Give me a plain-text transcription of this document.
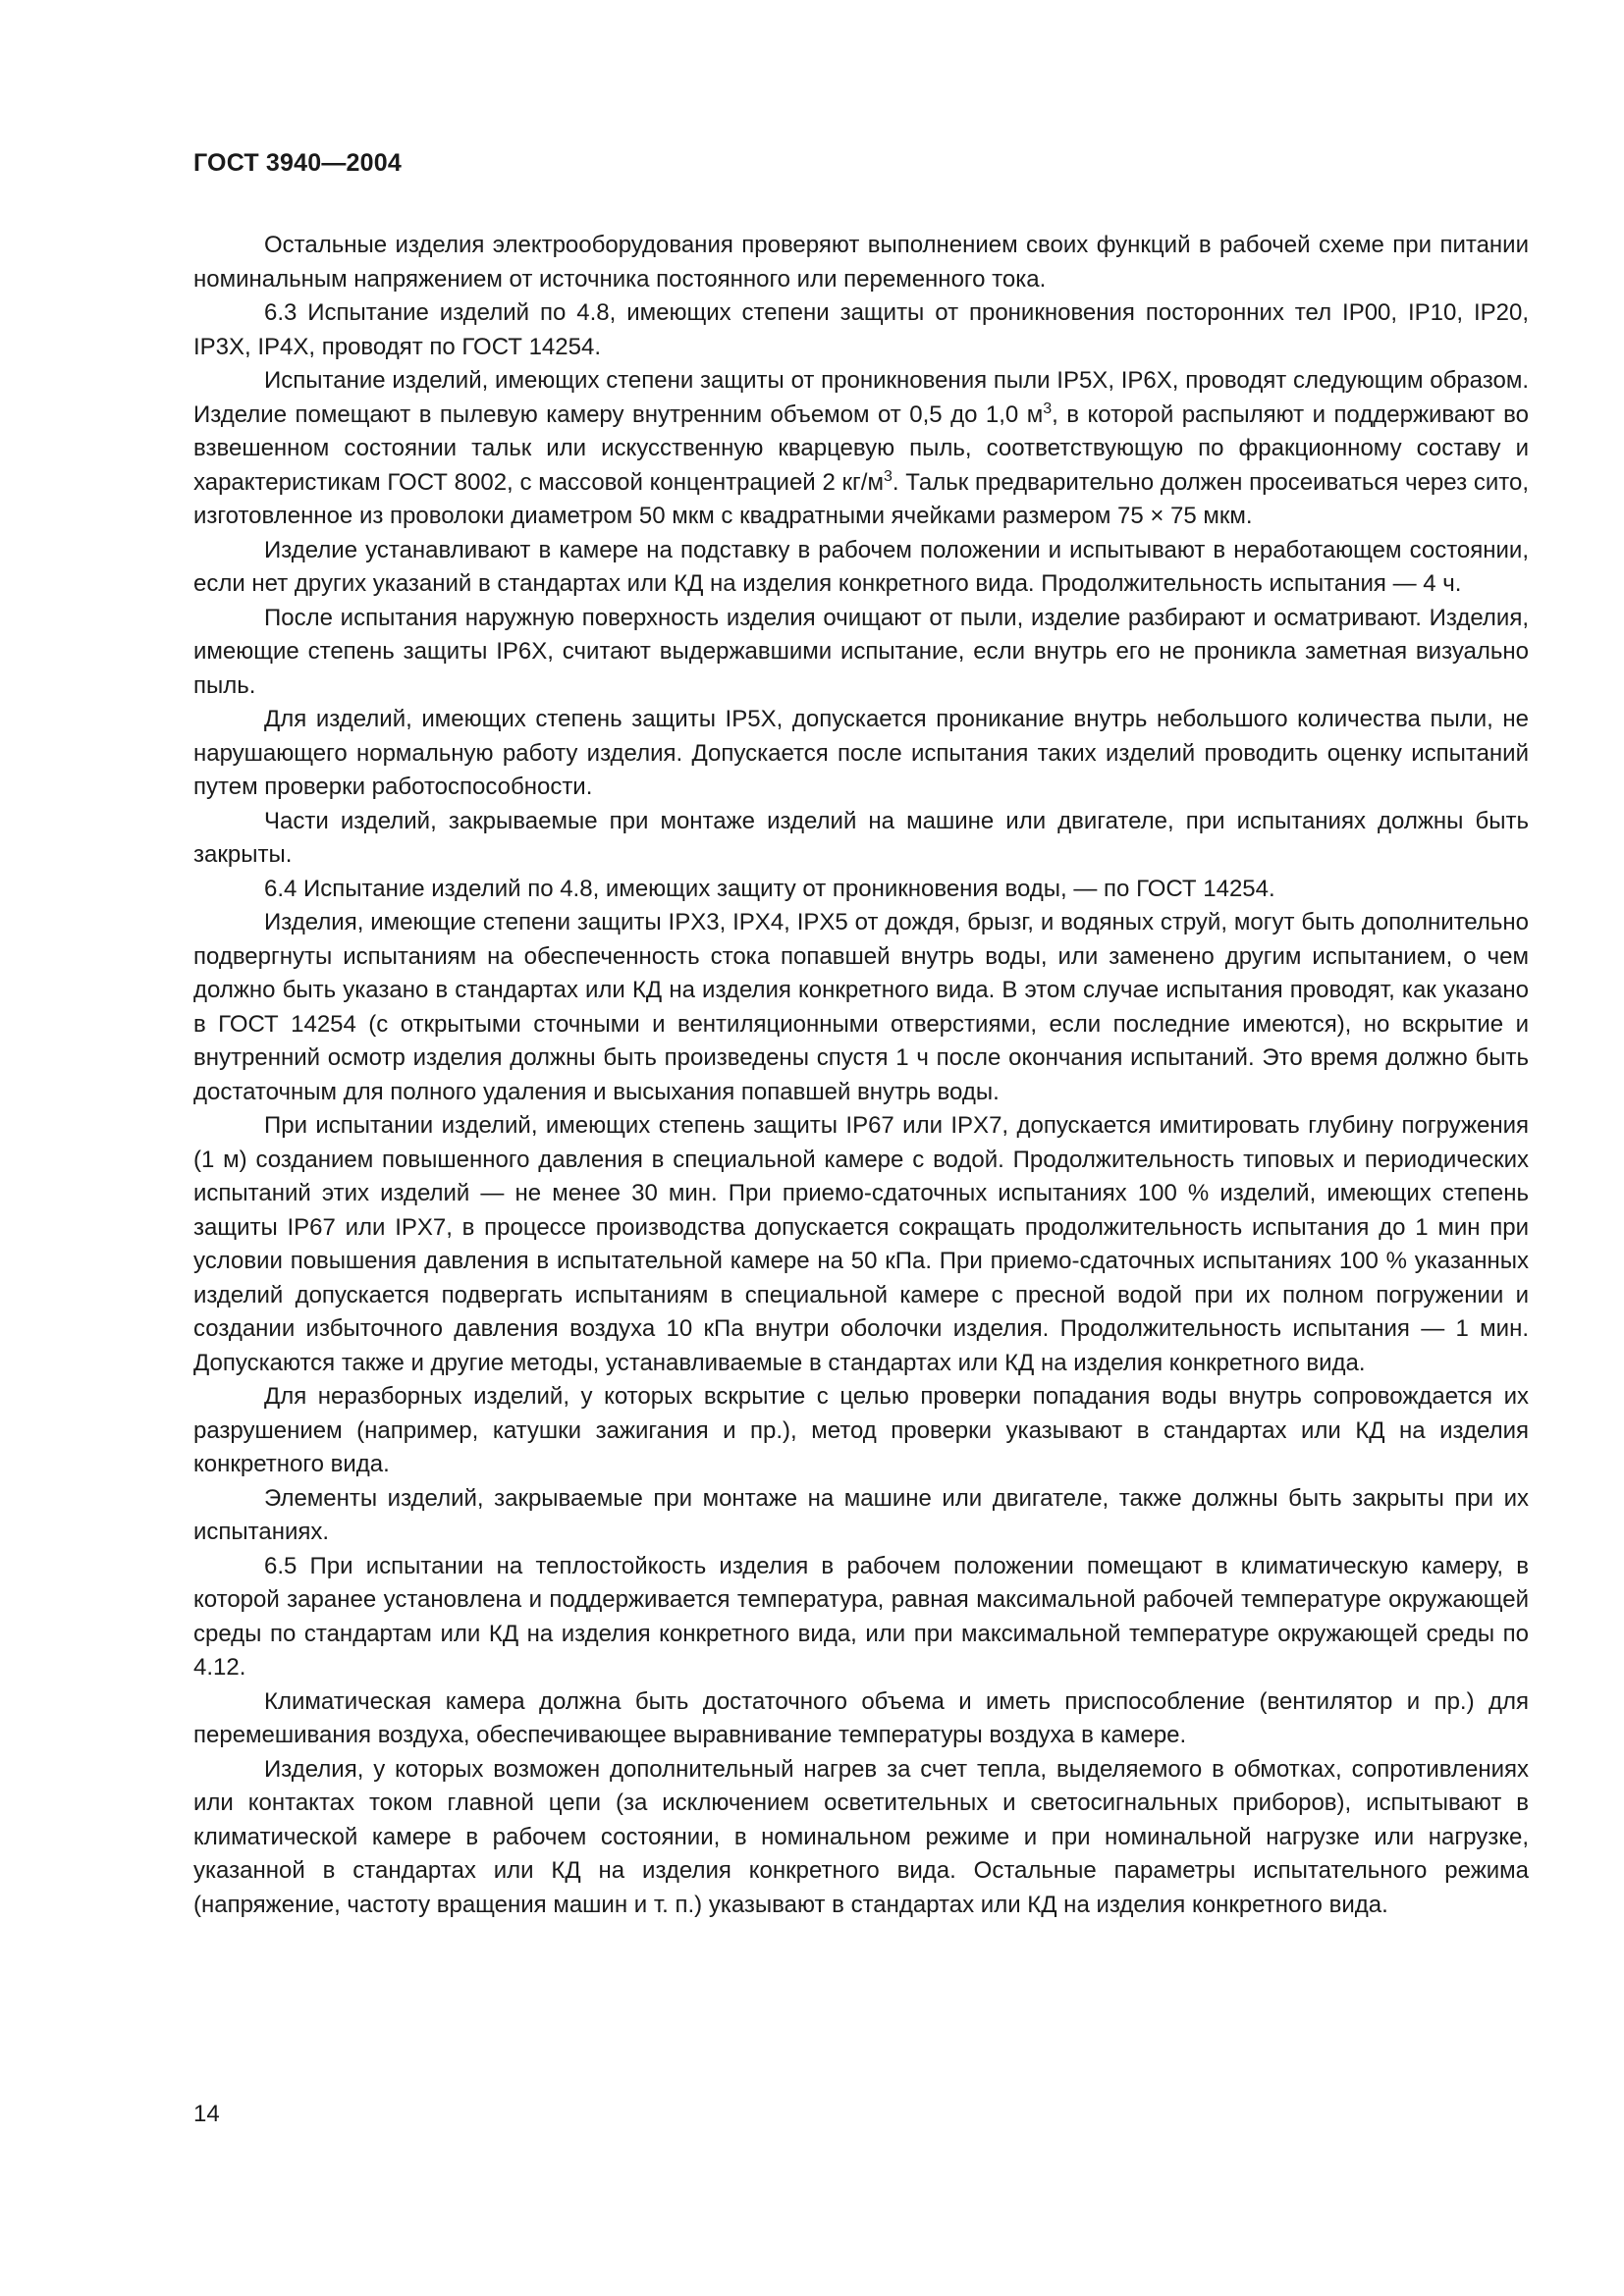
ГОСТ 3940—2004

Остальные изделия электрооборудования проверяют выполнением своих функций в рабочей схеме при питании номинальным напряжением от источника постоянного или переменного тока.

6.3 Испытание изделий по 4.8, имеющих степени защиты от проникновения посторонних тел IP00, IP10, IP20, IP3X, IP4X, проводят по ГОСТ 14254.

Испытание изделий, имеющих степени защиты от проникновения пыли IP5X, IP6X, проводят следующим образом. Изделие помещают в пылевую камеру внутренним объемом от 0,5 до 1,0 $м^3$, в которой распыляют и поддерживают во взвешенном состоянии тальк или искусственную кварцевую пыль, соответствующую по фракционному составу и характеристикам ГОСТ 8002, с массовой концентрацией 2 $кг/м^3$. Тальк предварительно должен просеиваться через сито, изготовленное из проволоки диаметром 50 мкм с квадратными ячейками размером 75 × 75 мкм.

Изделие устанавливают в камере на подставку в рабочем положении и испытывают в неработающем состоянии, если нет других указаний в стандартах или КД на изделия конкретного вида. Продолжительность испытания — 4 ч.

После испытания наружную поверхность изделия очищают от пыли, изделие разбирают и осматривают. Изделия, имеющие степень защиты IP6X, считают выдержавшими испытание, если внутрь его не проникла заметная визуально пыль.

Для изделий, имеющих степень защиты IP5X, допускается проникание внутрь небольшого количества пыли, не нарушающего нормальную работу изделия. Допускается после испытания таких изделий проводить оценку испытаний путем проверки работоспособности.

Части изделий, закрываемые при монтаже изделий на машине или двигателе, при испытаниях должны быть закрыты.

6.4 Испытание изделий по 4.8, имеющих защиту от проникновения воды, — по ГОСТ 14254.

Изделия, имеющие степени защиты IPX3, IPX4, IPX5 от дождя, брызг, и водяных струй, могут быть дополнительно подвергнуты испытаниям на обеспеченность стока попавшей внутрь воды, или заменено другим испытанием, о чем должно быть указано в стандартах или КД на изделия конкретного вида. В этом случае испытания проводят, как указано в ГОСТ 14254 (с открытыми сточными и вентиляционными отверстиями, если последние имеются), но вскрытие и внутренний осмотр изделия должны быть произведены спустя 1 ч после окончания испытаний. Это время должно быть достаточным для полного удаления и высыхания попавшей внутрь воды.

При испытании изделий, имеющих степень защиты IP67 или IPX7, допускается имитировать глубину погружения (1 м) созданием повышенного давления в специальной камере с водой. Продолжительность типовых и периодических испытаний этих изделий — не менее 30 мин. При приемо-сдаточных испытаниях 100 % изделий, имеющих степень защиты IP67 или IPX7, в процессе производства допускается сокращать продолжительность испытания до 1 мин при условии повышения давления в испытательной камере на 50 кПа. При приемо-сдаточных испытаниях 100 % указанных изделий допускается подвергать испытаниям в специальной камере с пресной водой при их полном погружении и создании избыточного давления воздуха 10 кПа внутри оболочки изделия. Продолжительность испытания — 1 мин. Допускаются также и другие методы, устанавливаемые в стандартах или КД на изделия конкретного вида.

Для неразборных изделий, у которых вскрытие с целью проверки попадания воды внутрь сопровождается их разрушением (например, катушки зажигания и пр.), метод проверки указывают в стандартах или КД на изделия конкретного вида.

Элементы изделий, закрываемые при монтаже на машине или двигателе, также должны быть закрыты при их испытаниях.

6.5 При испытании на теплостойкость изделия в рабочем положении помещают в климатическую камеру, в которой заранее установлена и поддерживается температура, равная максимальной рабочей температуре окружающей среды по стандартам или КД на изделия конкретного вида, или при максимальной температуре окружающей среды по 4.12.

Климатическая камера должна быть достаточного объема и иметь приспособление (вентилятор и пр.) для перемешивания воздуха, обеспечивающее выравнивание температуры воздуха в камере.

Изделия, у которых возможен дополнительный нагрев за счет тепла, выделяемого в обмотках, сопротивлениях или контактах током главной цепи (за исключением осветительных и светосигнальных приборов), испытывают в климатической камере в рабочем состоянии, в номинальном режиме и при номинальной нагрузке или нагрузке, указанной в стандартах или КД на изделия конкретного вида. Остальные параметры испытательного режима (напряжение, частоту вращения машин и т. п.) указывают в стандартах или КД на изделия конкретного вида.

14
